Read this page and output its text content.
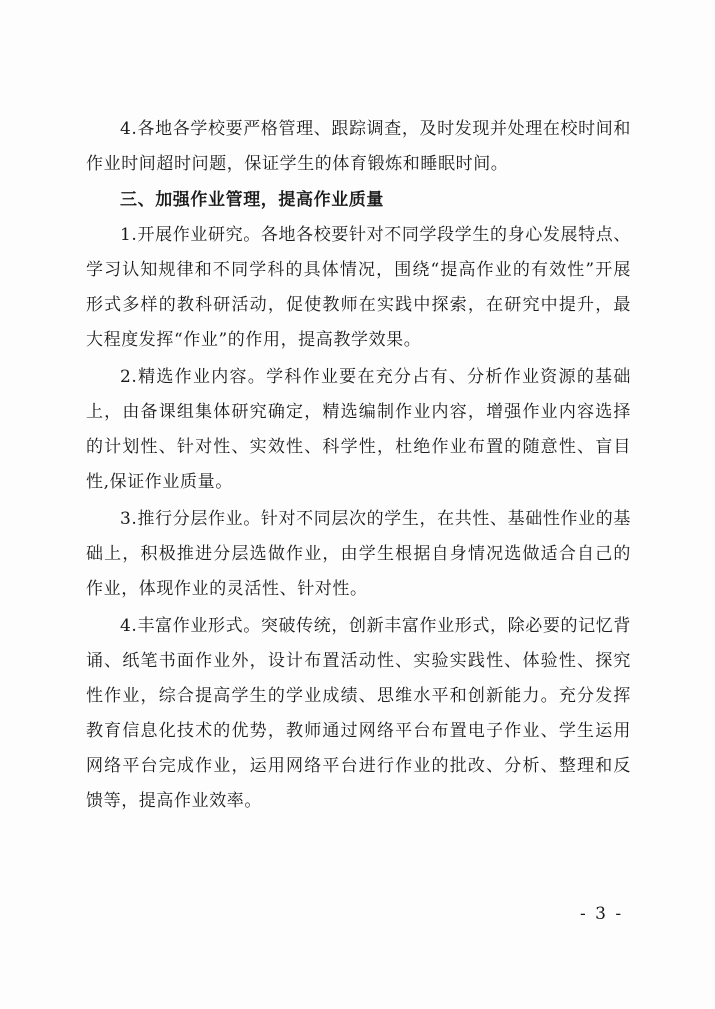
4.各地各学校要严格管理、跟踪调查，及时发现并处理在校时间和作业时间超时问题，保证学生的体育锻炼和睡眠时间。

三、加强作业管理，提高作业质量

1.开展作业研究。各地各校要针对不同学段学生的身心发展特点、学习认知规律和不同学科的具体情况，围绕“提高作业的有效性”开展形式多样的教科研活动，促使教师在实践中探索，在研究中提升，最大程度发挥“作业”的作用，提高教学效果。

2.精选作业内容。学科作业要在充分占有、分析作业资源的基础上，由备课组集体研究确定，精选编制作业内容，增强作业内容选择的计划性、针对性、实效性、科学性，杜绝作业布置的随意性、盲目性,保证作业质量。

3.推行分层作业。针对不同层次的学生，在共性、基础性作业的基础上，积极推进分层选做作业，由学生根据自身情况选做适合自己的作业，体现作业的灵活性、针对性。

4.丰富作业形式。突破传统，创新丰富作业形式，除必要的记忆背诵、纸笔书面作业外，设计布置活动性、实验实践性、体验性、探究性作业，综合提高学生的学业成绩、思维水平和创新能力。充分发挥教育信息化技术的优势，教师通过网络平台布置电子作业、学生运用网络平台完成作业，运用网络平台进行作业的批改、分析、整理和反馈等，提高作业效率。

- 3 -
